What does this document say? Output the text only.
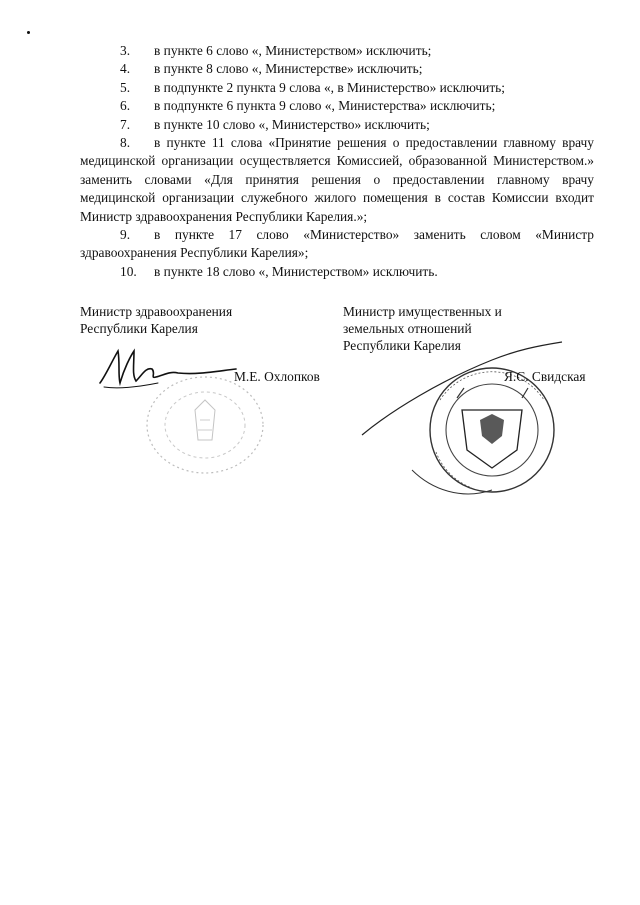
3.	в пункте 6 слово «, Министерством» исключить;
4.	в пункте 8 слово «, Министерстве» исключить;
5.	в подпункте 2 пункта 9 слова «, в Министерство» исключить;
6.	в подпункте 6 пункта 9 слово «, Министерства» исключить;
7.	в пункте 10 слово «, Министерство» исключить;
8. в пункте 11 слова «Принятие решения о предоставлении главному врачу медицинской организации осуществляется Комиссией, образованной Министерством.» заменить словами «Для принятия решения о предоставлении главному врачу медицинской организации служебного жилого помещения в состав Комиссии входит Министр здравоохранения Республики Карелия.»;
9. в пункте 17 слово «Министерство» заменить словом «Министр здравоохранения Республики Карелия»;
10. в пункте 18 слово «, Министерством» исключить.
Министр здравоохранения
Республики Карелия
М.Е. Охлопков
Министр имущественных и
земельных отношений
Республики Карелия
Я.С. Свидская
